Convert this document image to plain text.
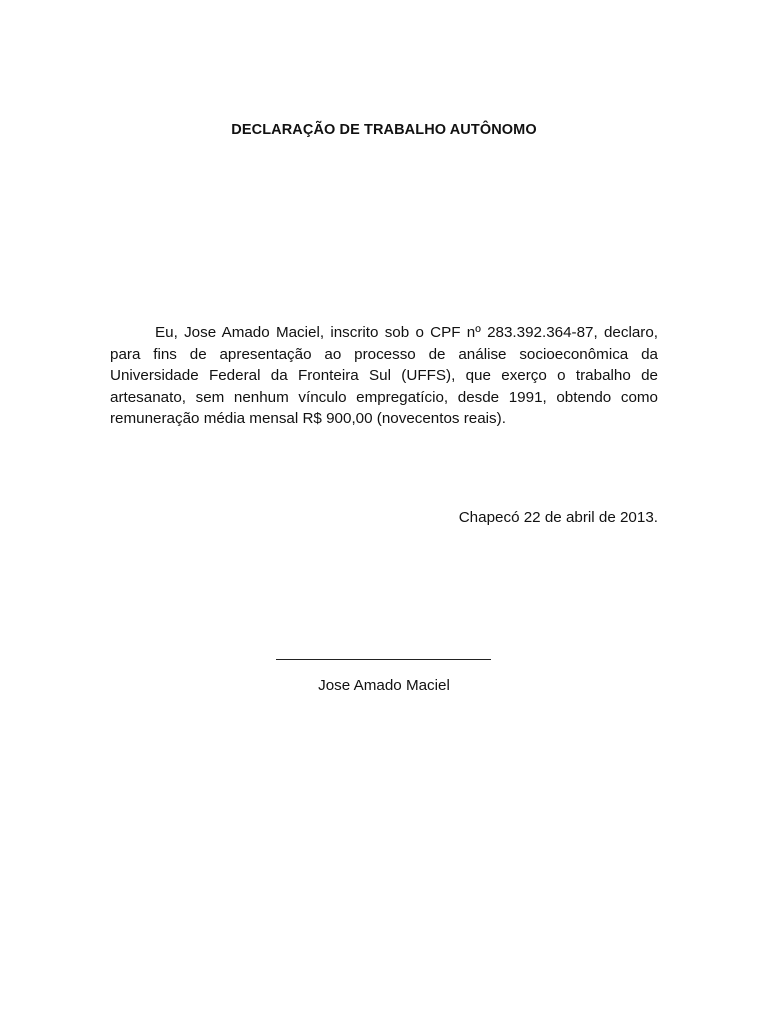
DECLARAÇÃO DE TRABALHO AUTÔNOMO

Eu, Jose Amado Maciel, inscrito sob o CPF nº 283.392.364-87, declaro, para fins de apresentação ao processo de análise socioeconômica da Universidade Federal da Fronteira Sul (UFFS), que exerço o trabalho de artesanato, sem nenhum vínculo empregatício, desde 1991, obtendo como remuneração média mensal R$ 900,00 (novecentos reais).

Chapecó 22 de abril de 2013.
Jose Amado Maciel
